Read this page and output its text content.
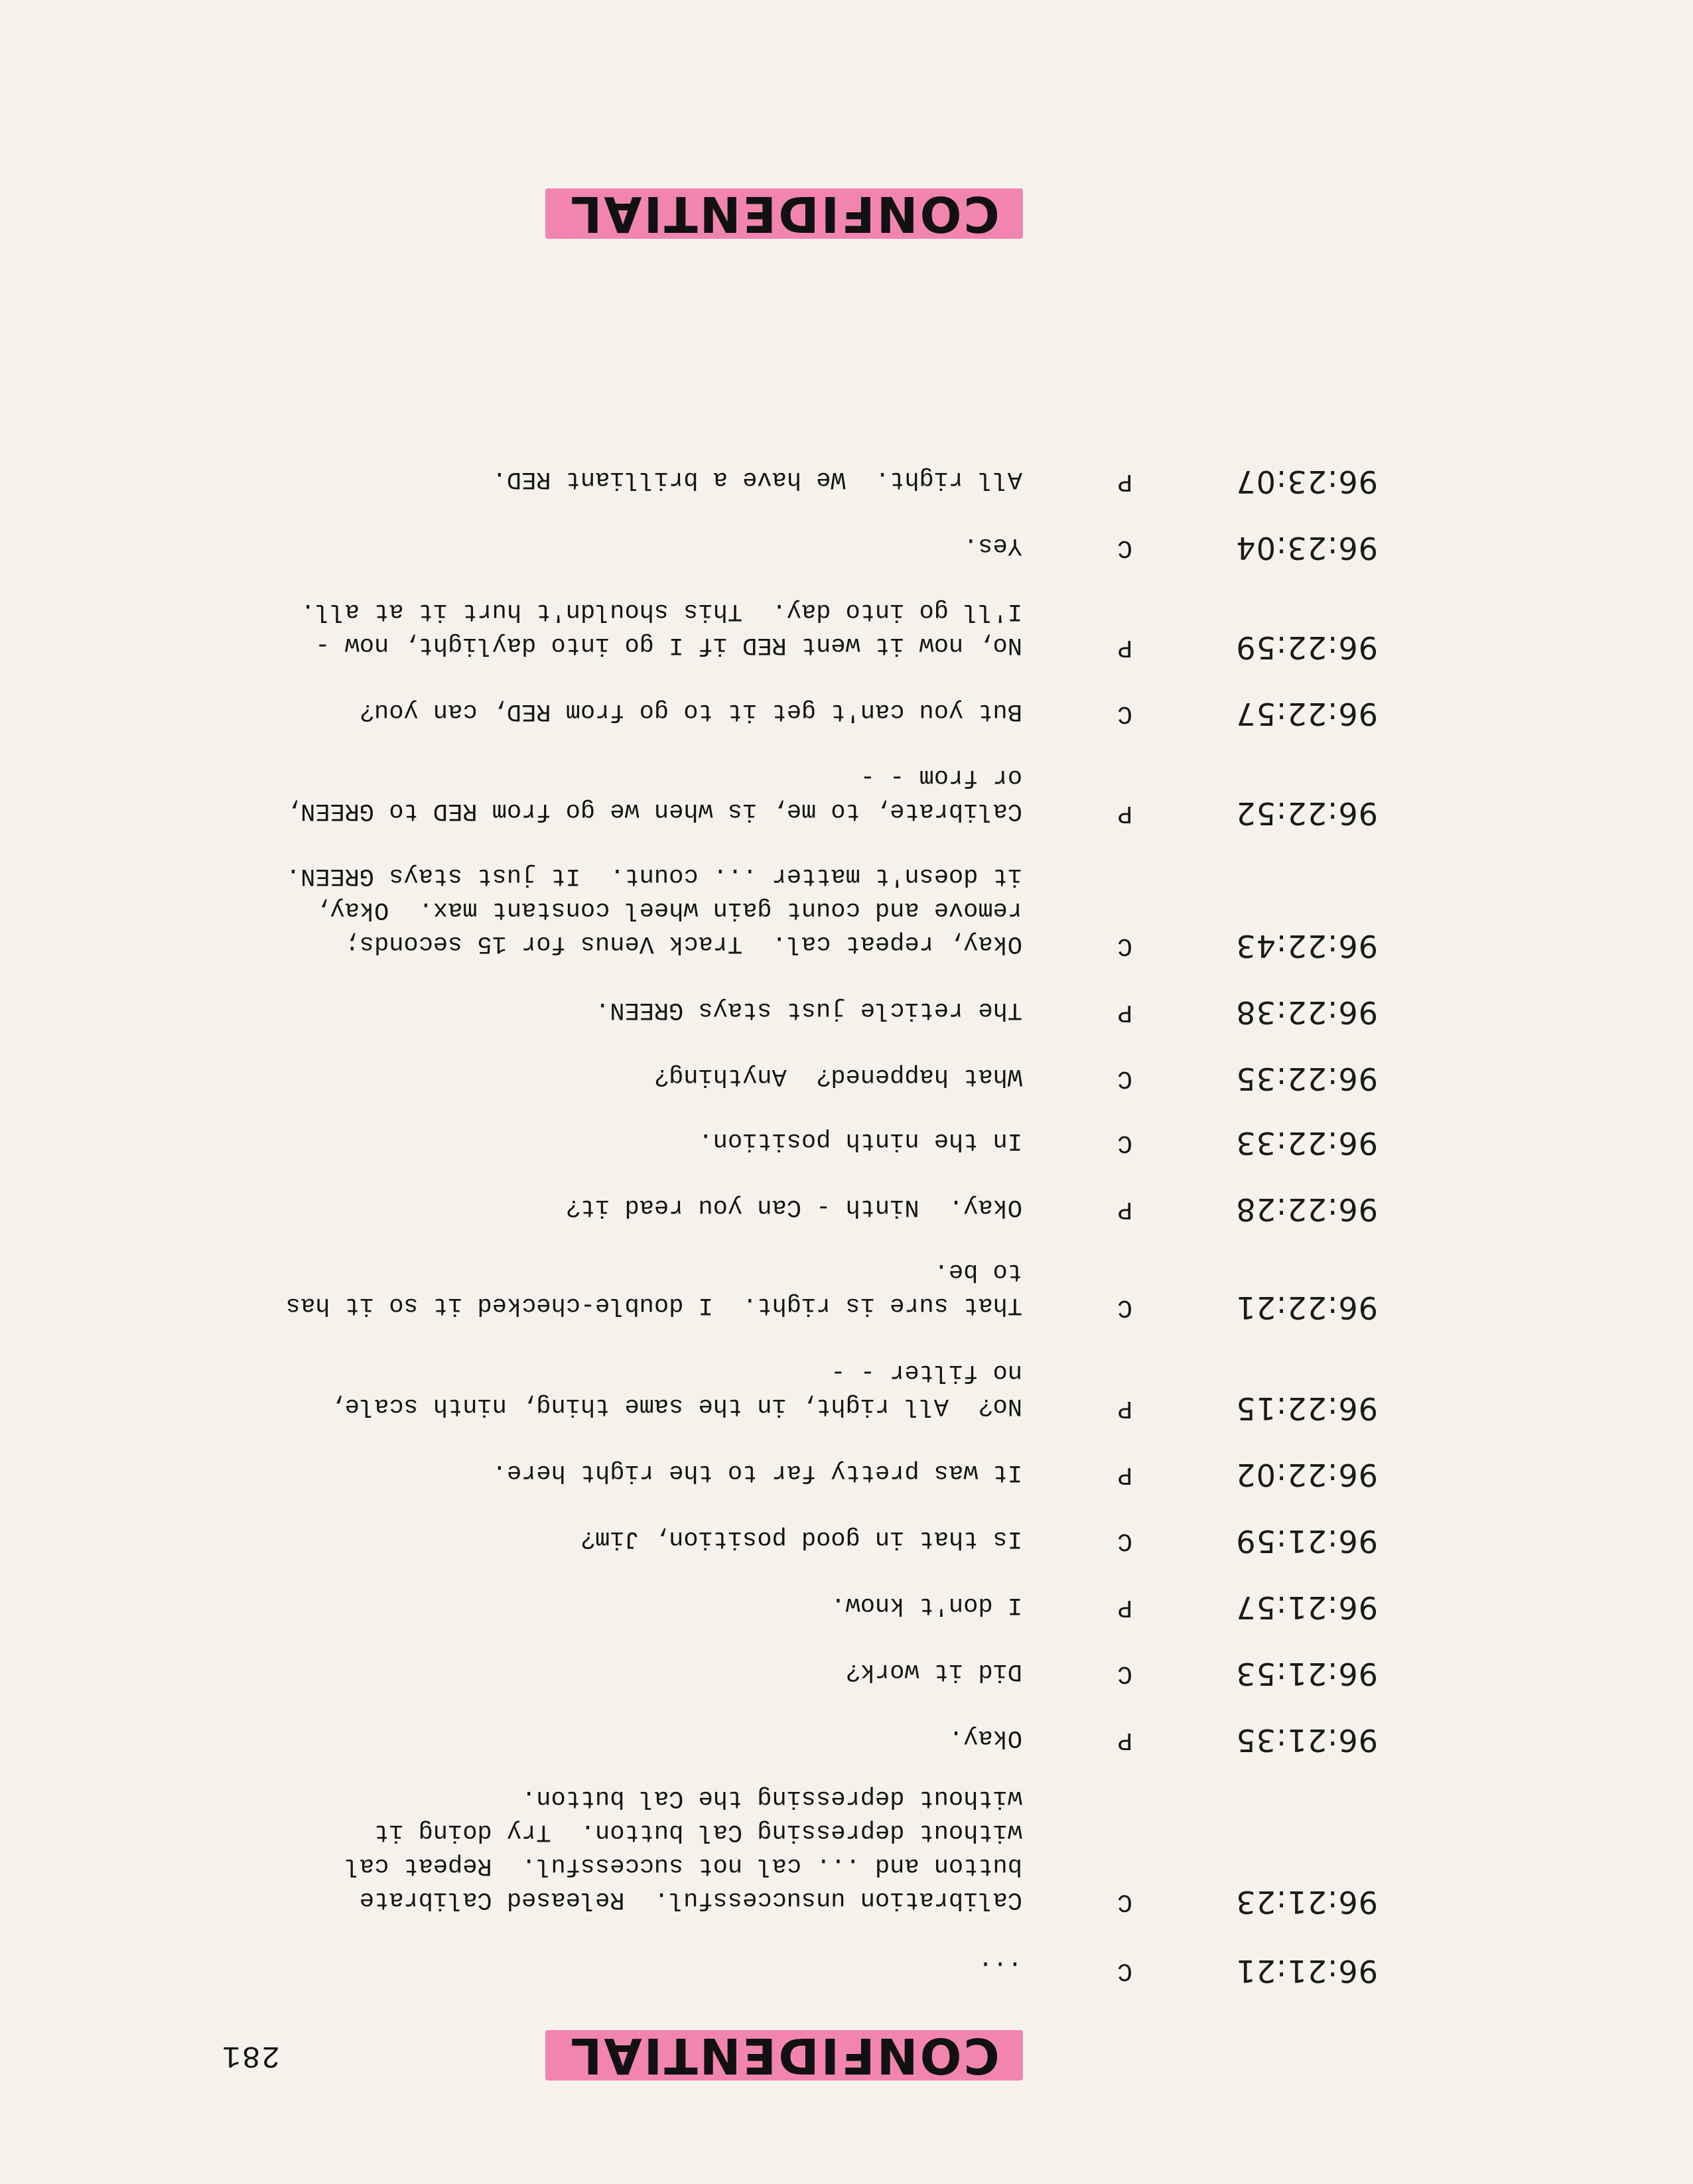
281	CONFIDENTIAL
96:21:21
C
...
96:21:23
C
Calibration unsuccessful.  Released Calibrate
button and ... cal not successful.  Repeat cal
without depressing Cal button.  Try doing it
without depressing the Cal button.
96:21:35
P
Okay.
96:21:53
C
Did it work?
96:21:57
P
I don't know.
96:21:59
C
Is that in good position, Jim?
96:22:02
P
It was pretty far to the right here.
96:22:15
P
No?  All right, in the same thing, ninth scale,
no filter - -
96:22:21
C
That sure is right.  I double-checked it so it has
to be.
96:22:28
P
Okay.  Ninth - Can you read it?
96:22:33
C
In the ninth position.
96:22:35
C
What happened?  Anything?
96:22:38
P
The reticle just stays GREEN.
96:22:43
C
Okay, repeat cal.  Track Venus for 15 seconds;
remove and count gain wheel constant max.  Okay,
it doesn't matter ... count.  It just stays GREEN.
96:22:52
P
Calibrate, to me, is when we go from RED to GREEN,
or from - -
96:22:57
C
But you can't get it to go from RED, can you?
96:22:59
P
No, now it went RED if I go into daylight, now -
I'll go into day.  This shouldn't hurt it at all.
96:23:04
C
Yes.
96:23:07
P
All right.  We have a brilliant RED.
CONFIDENTIAL
